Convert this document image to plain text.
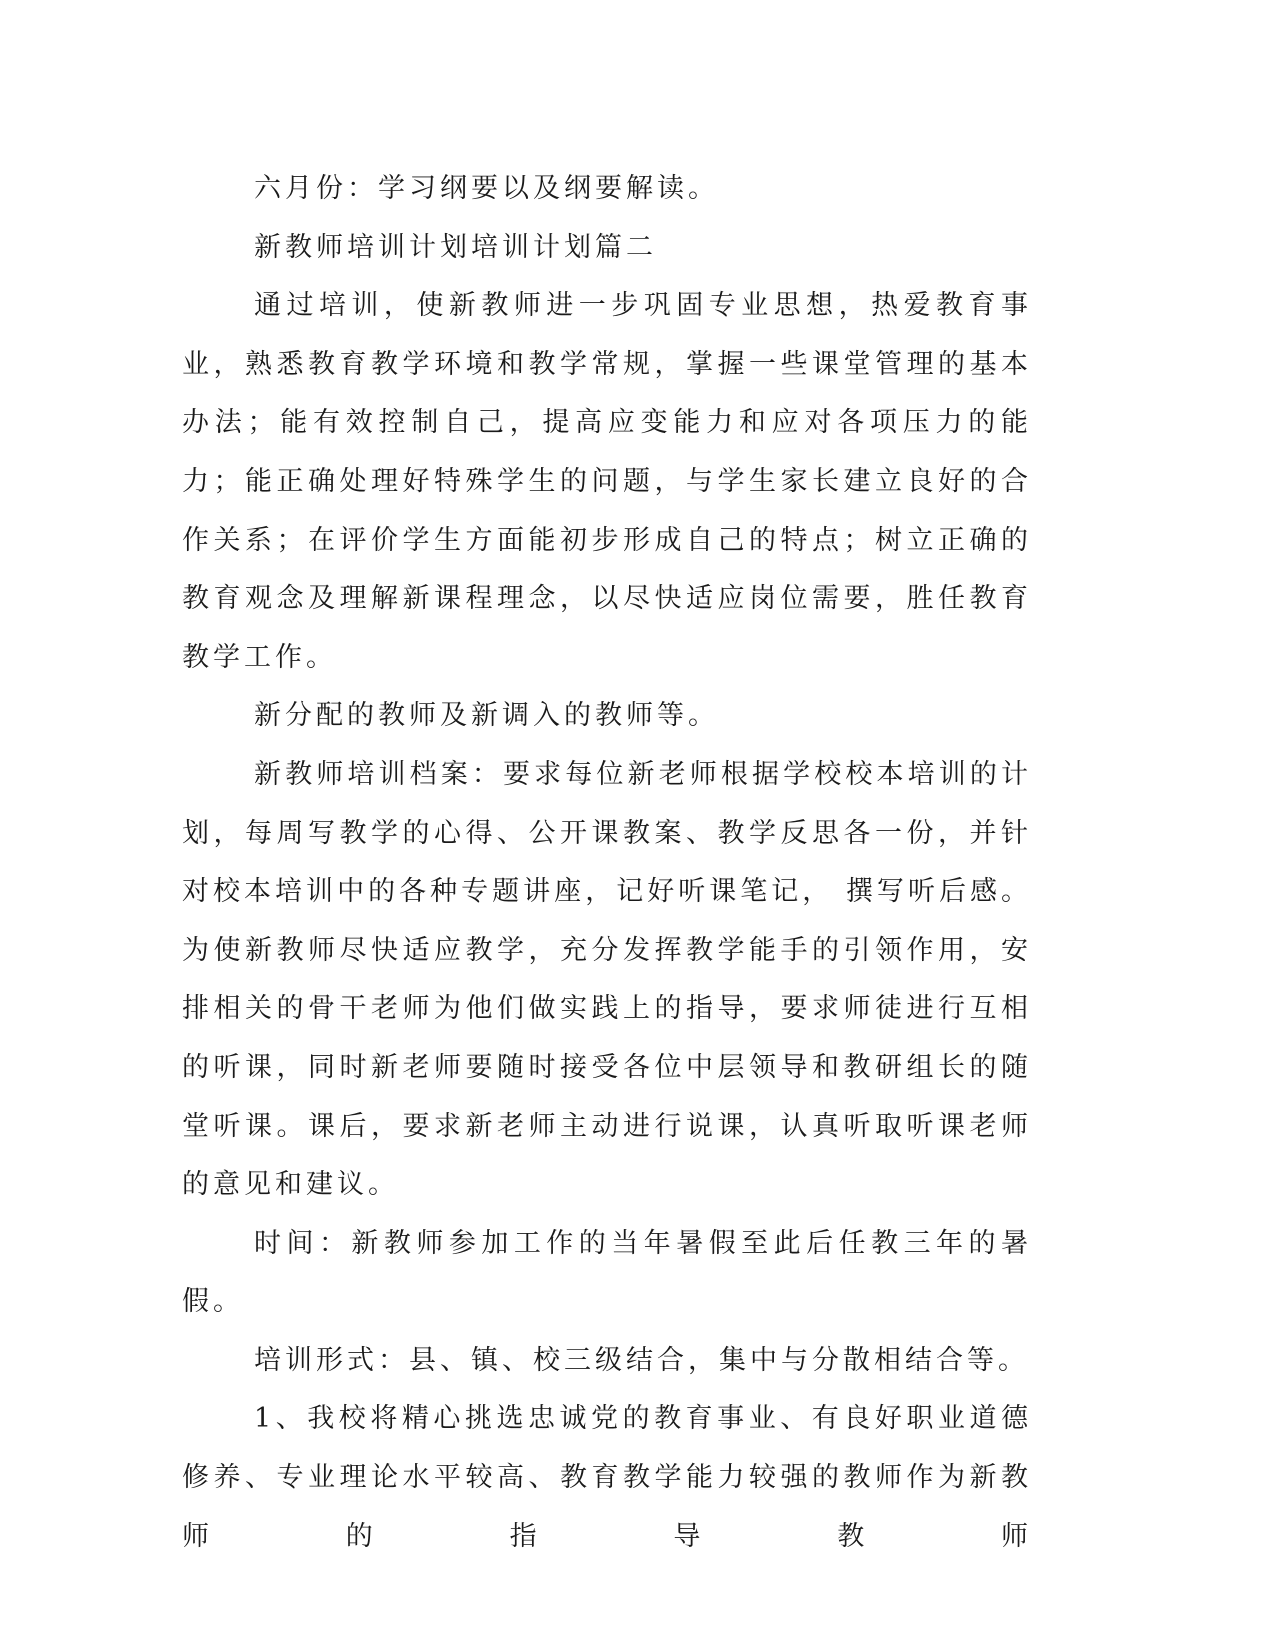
六月份：学习纲要以及纲要解读。

新教师培训计划培训计划篇二

通过培训，使新教师进一步巩固专业思想，热爱教育事业，熟悉教育教学环境和教学常规，掌握一些课堂管理的基本办法；能有效控制自己，提高应变能力和应对各项压力的能力；能正确处理好特殊学生的问题，与学生家长建立良好的合作关系；在评价学生方面能初步形成自己的特点；树立正确的教育观念及理解新课程理念，以尽快适应岗位需要，胜任教育教学工作。

新分配的教师及新调入的教师等。

新教师培训档案：要求每位新老师根据学校校本培训的计划，每周写教学的心得、公开课教案、教学反思各一份，并针对校本培训中的各种专题讲座，记好听课笔记， 撰写听后感。为使新教师尽快适应教学，充分发挥教学能手的引领作用，安排相关的骨干老师为他们做实践上的指导，要求师徒进行互相的听课，同时新老师要随时接受各位中层领导和教研组长的随堂听课。课后，要求新老师主动进行说课，认真听取听课老师的意见和建议。

时间：新教师参加工作的当年暑假至此后任教三年的暑假。

培训形式：县、镇、校三级结合，集中与分散相结合等。

1、我校将精心挑选忠诚党的教育事业、有良好职业道德修养、专业理论水平较高、教育教学能力较强的教师作为新教师的指导教师
